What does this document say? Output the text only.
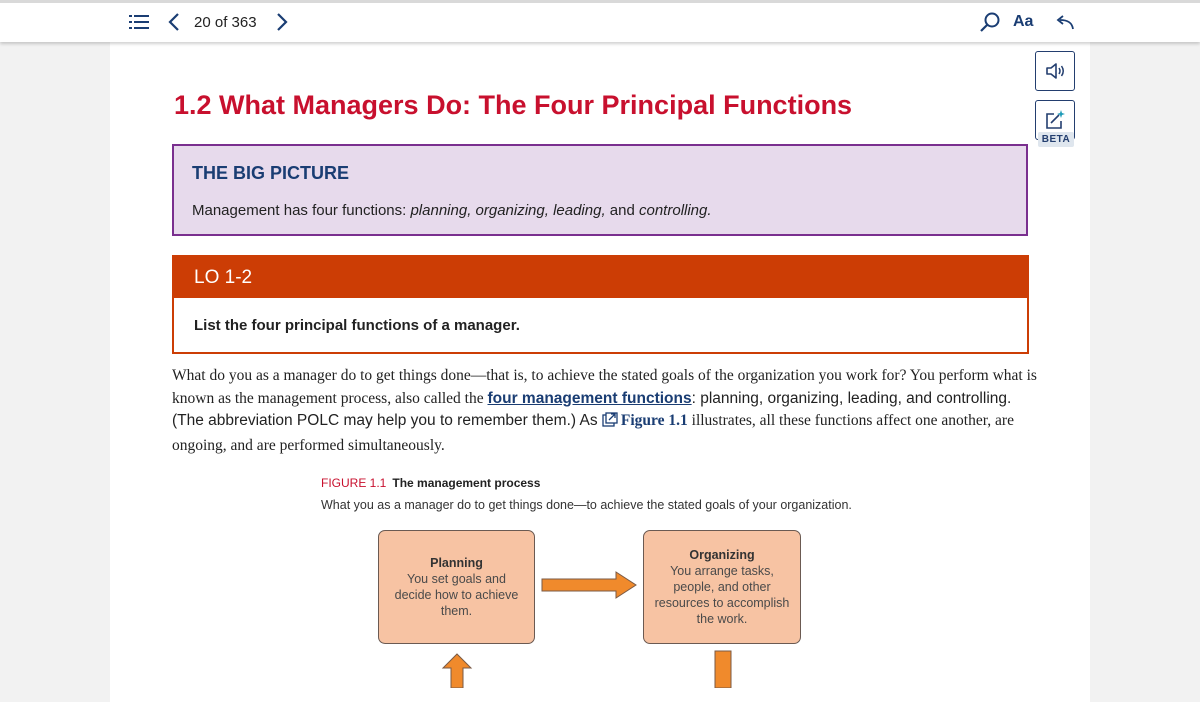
20 of 363	Aa
BETA
1.2 What Managers Do: The Four Principal Functions
THE BIG PICTURE
Management has four functions: planning, organizing, leading, and controlling.
LO 1-2
List the four principal functions of a manager.

What do you as a manager do to get things done—that is, to achieve the stated goals of the organization you work for? You perform what is known as the management process, also called the four management functions: planning, organizing, leading, and controlling. (The abbreviation POLC may help you to remember them.) As Figure 1.1 illustrates, all these functions affect one another, are ongoing, and are performed simultaneously.

FIGURE 1.1 The management process
What you as a manager do to get things done—to achieve the stated goals of your organization.
Planning
You set goals and decide how to achieve them.
Organizing
You arrange tasks, people, and other resources to accomplish the work.
